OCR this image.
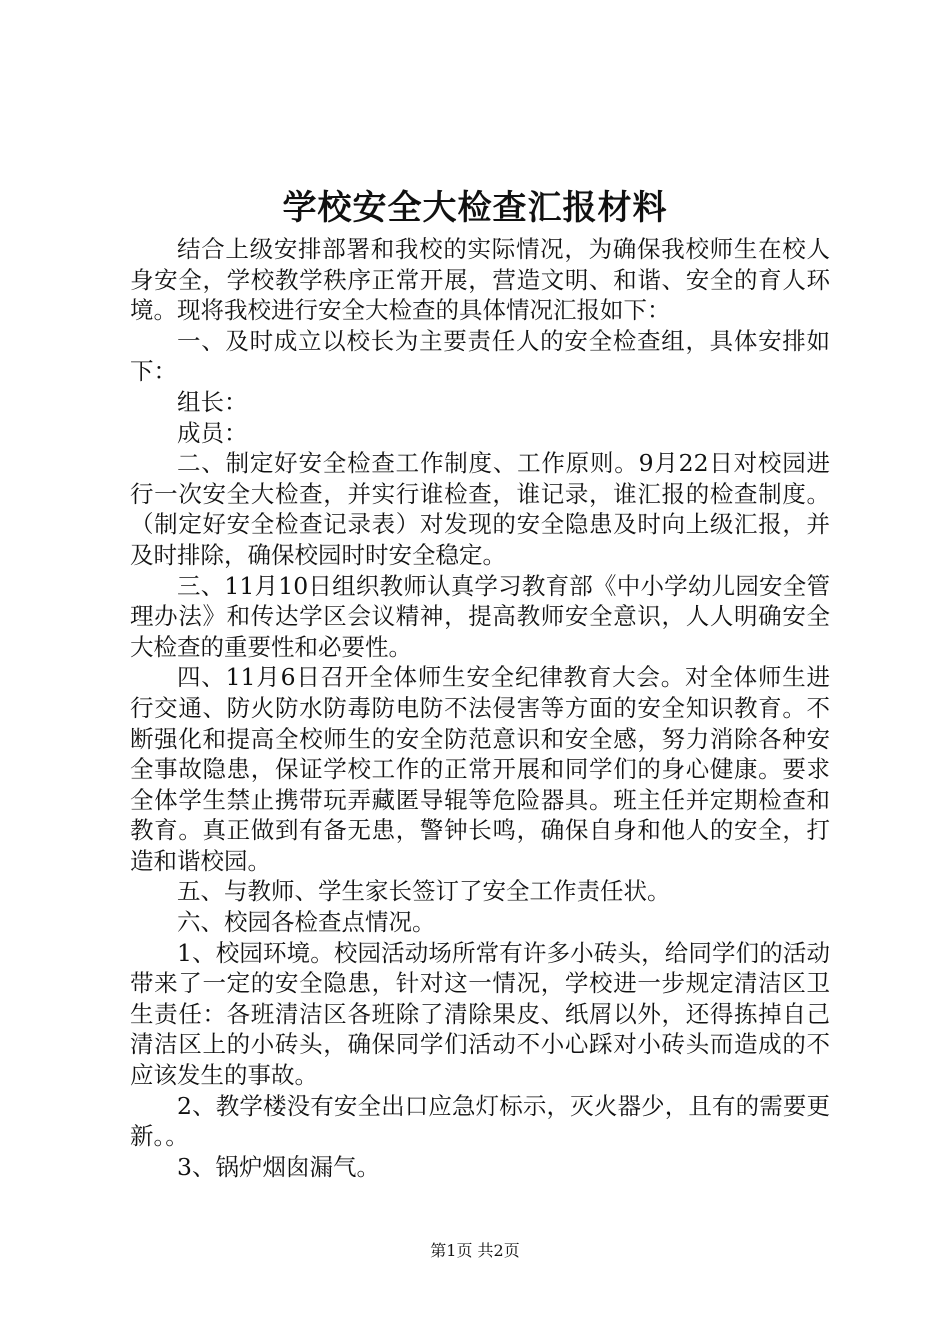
学校安全大检查汇报材料

结合上级安排部署和我校的实际情况，为确保我校师生在校人身安全，学校教学秩序正常开展，营造文明、和谐、安全的育人环境。现将我校进行安全大检查的具体情况汇报如下：

一、及时成立以校长为主要责任人的安全检查组，具体安排如下：

组长：

成员：

二、制定好安全检查工作制度、工作原则。9月22日对校园进行一次安全大检查，并实行谁检查，谁记录，谁汇报的检查制度。（制定好安全检查记录表）对发现的安全隐患及时向上级汇报，并及时排除，确保校园时时安全稳定。

三、11月10日组织教师认真学习教育部《中小学幼儿园安全管理办法》和传达学区会议精神，提高教师安全意识，人人明确安全大检查的重要性和必要性。

四、11月6日召开全体师生安全纪律教育大会。对全体师生进行交通、防火防水防毒防电防不法侵害等方面的安全知识教育。不断强化和提高全校师生的安全防范意识和安全感，努力消除各种安全事故隐患，保证学校工作的正常开展和同学们的身心健康。要求全体学生禁止携带玩弄藏匿导辊等危险器具。班主任并定期检查和教育。真正做到有备无患，警钟长鸣，确保自身和他人的安全，打造和谐校园。

五、与教师、学生家长签订了安全工作责任状。

六、校园各检查点情况。

1、校园环境。校园活动场所常有许多小砖头，给同学们的活动带来了一定的安全隐患，针对这一情况，学校进一步规定清洁区卫生责任：各班清洁区各班除了清除果皮、纸屑以外，还得拣掉自己清洁区上的小砖头，确保同学们活动不小心踩对小砖头而造成的不应该发生的事故。

2、教学楼没有安全出口应急灯标示，灭火器少，且有的需要更新。。

3、锅炉烟囱漏气。

第1页 共2页
